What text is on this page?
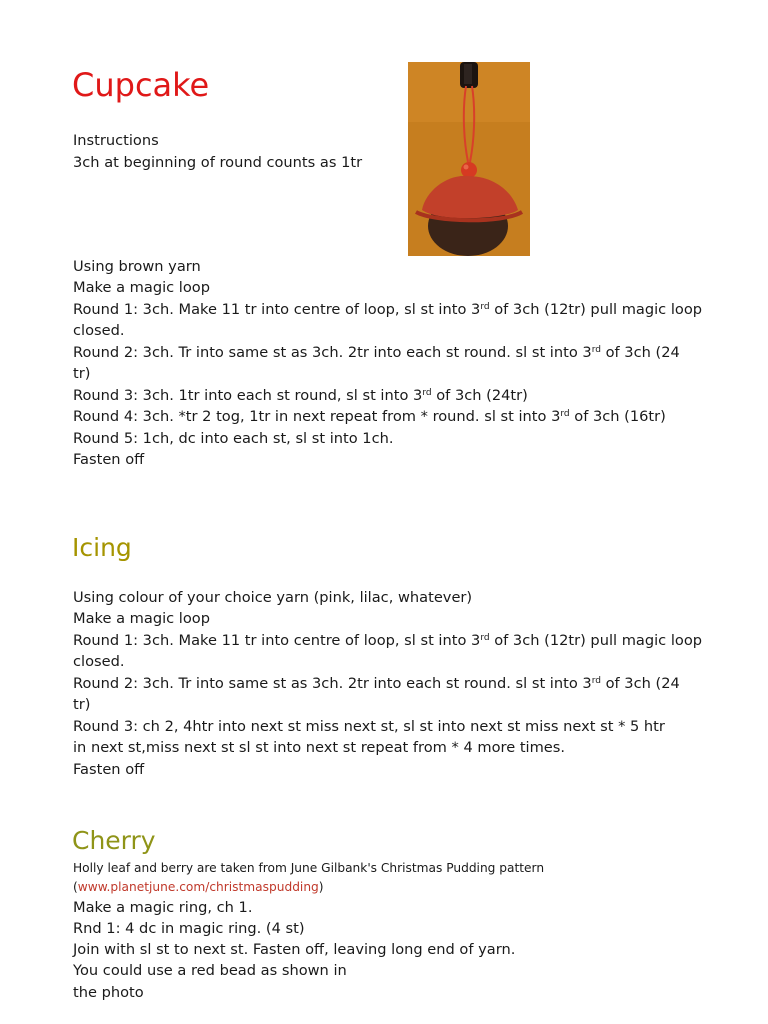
Cupcake

Instructions

3ch at beginning of round counts as 1tr

Using brown yarn

Make a magic loop

Round 1: 3ch. Make 11 tr into centre of loop, sl st into 3rd of 3ch (12tr) pull magic loop

closed.

Round 2: 3ch. Tr into same st as 3ch. 2tr into each st round. sl st into 3rd of 3ch (24

tr)

Round 3: 3ch. 1tr into each st round, sl st into 3rd of 3ch (24tr)

Round 4: 3ch. *tr 2 tog, 1tr in next repeat from * round. sl st into 3rd of 3ch (16tr)

Round 5: 1ch, dc into each st, sl st into 1ch.

Fasten off

Icing

Using colour of your choice yarn (pink, lilac, whatever)

Make a magic loop

Round 1: 3ch. Make 11 tr into centre of loop, sl st into 3rd of 3ch (12tr) pull magic loop

closed.

Round 2: 3ch. Tr into same st as 3ch. 2tr into each st round. sl st into 3rd of 3ch (24

tr)

Round 3: ch 2, 4htr into next st miss next st, sl st into next st miss next st * 5 htr

in next st,miss next st sl st into next st repeat from * 4 more times.

Fasten off

Cherry

Holly leaf and berry are taken from June Gilbank's Christmas Pudding pattern

(www.planetjune.com/christmaspudding)

Make a magic ring, ch 1.

Rnd 1: 4 dc in magic ring. (4 st)

Join with sl st to next st. Fasten off, leaving long end of yarn.

You could use a red bead as shown in

the photo
